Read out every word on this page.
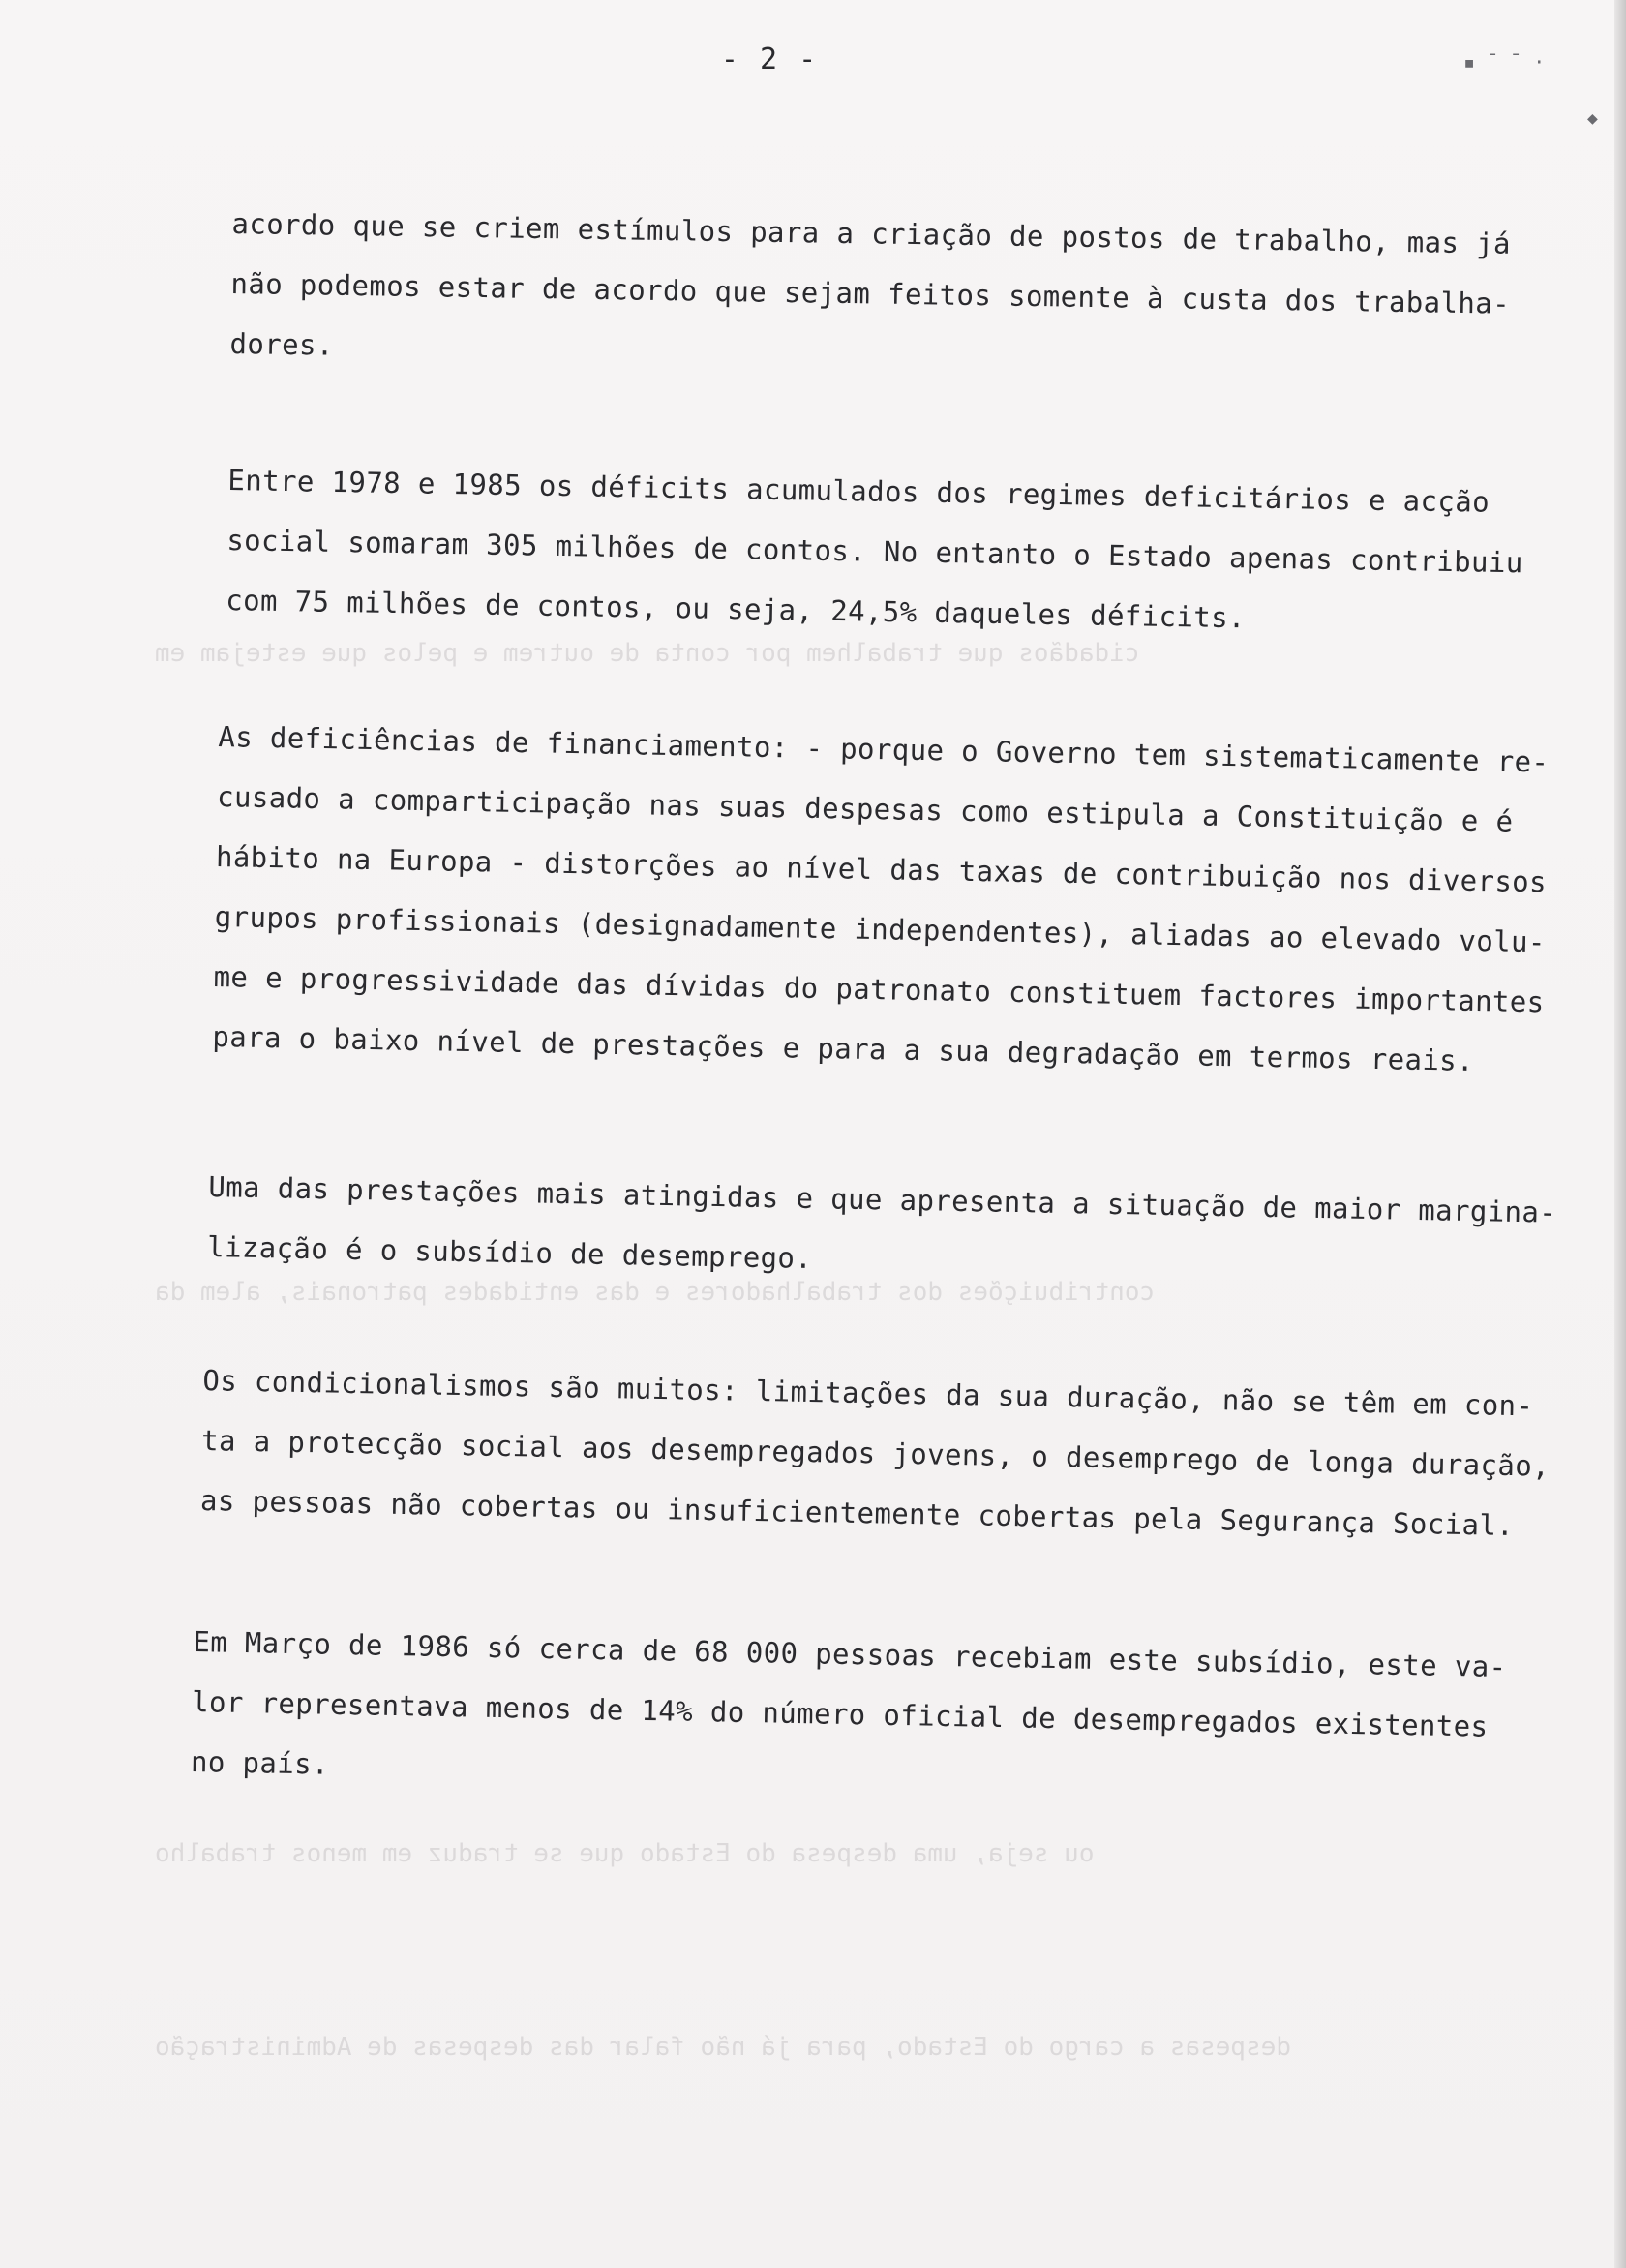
cidadãos que trabalhem por conta de outrem e pelos que estejam em
contribuições dos trabalhadores e das entidades patronais, alem da
ou seja, uma despesa do Estado que se traduz em menos trabalho
despesas a cargo do Estado, para já não falar das despesas de Administração
▪ ˉ ˉ ·
◆
- 2 -
acordo que se criem estímulos para a criação de postos de trabalho, mas já
não podemos estar de acordo que sejam feitos somente à custa dos trabalha-
dores.
Entre 1978 e 1985 os déficits acumulados dos regimes deficitários e acção
social somaram 305 milhões de contos. No entanto o Estado apenas contribuiu
com 75 milhões de contos, ou seja, 24,5% daqueles déficits.
As deficiências de financiamento: - porque o Governo tem sistematicamente re-
cusado a comparticipação nas suas despesas como estipula a Constituição e é
hábito na Europa - distorções ao nível das taxas de contribuição nos diversos
grupos profissionais (designadamente independentes), aliadas ao elevado volu-
me e progressividade das dívidas do patronato constituem factores importantes
para o baixo nível de prestações e para a sua degradação em termos reais.
Uma das prestações mais atingidas e que apresenta a situação de maior margina-
lização é o subsídio de desemprego.
Os condicionalismos são muitos: limitações da sua duração, não se têm em con-
ta a protecção social aos desempregados jovens, o desemprego de longa duração,
as pessoas não cobertas ou insuficientemente cobertas pela Segurança Social.
Em Março de 1986 só cerca de 68 000 pessoas recebiam este subsídio, este va-
lor representava menos de 14% do número oficial de desempregados existentes
no país.
